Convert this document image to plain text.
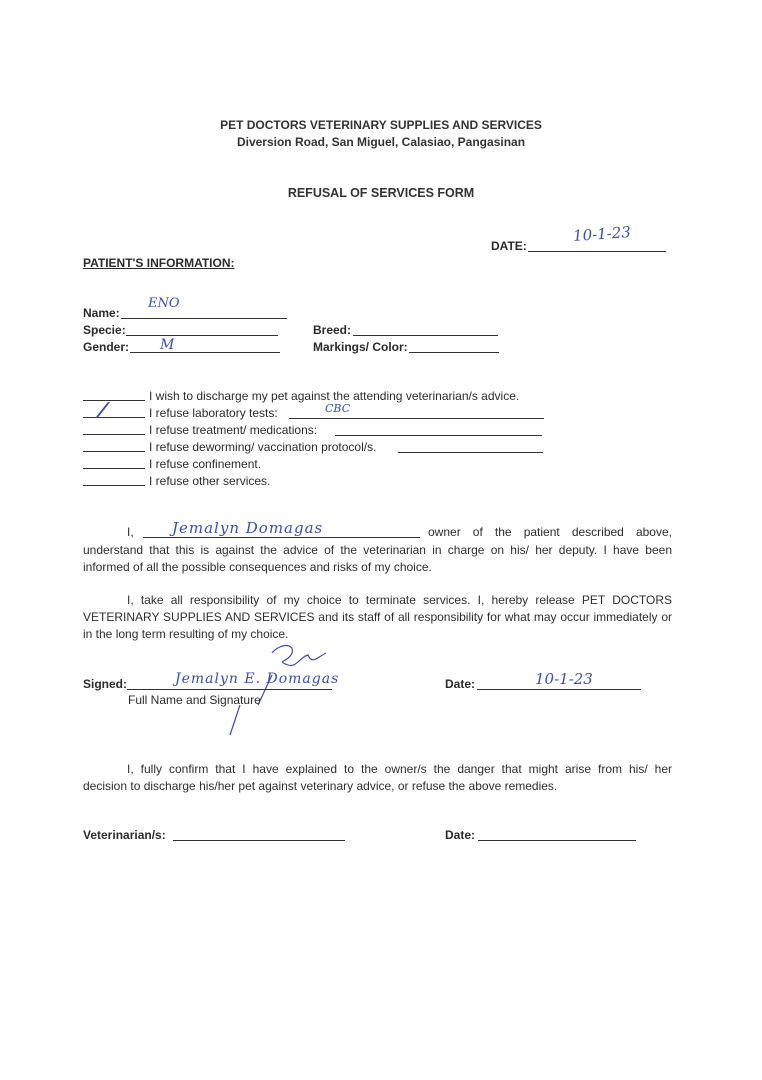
PET DOCTORS VETERINARY SUPPLIES AND SERVICES
Diversion Road, San Miguel, Calasiao, Pangasinan
REFUSAL OF SERVICES FORM
DATE:
10-1-23
PATIENT'S INFORMATION:
Name:
ENO
Specie:	Breed:
Gender: M	Markings/ Color:
I wish to discharge my pet against the attending veterinarian/s advice.
/	I refuse laboratory tests:	CBC
I refuse treatment/ medications:
I refuse deworming/ vaccination protocol/s.
I refuse confinement.
I refuse other services.
I,	Jemalyn Domagas	owner of the patient described above,
understand that this is against the advice of the veterinarian in charge on his/ her deputy. I have been
informed of all the possible consequences and risks of my choice.
I, take all responsibility of my choice to terminate services. I, hereby release PET DOCTORS
VETERINARY SUPPLIES AND SERVICES and its staff of all responsibility for what may occur immediately or
in the long term resulting of my choice.
Signed:	Jemalyn E. Domagas
Full Name and Signature
Date:	10-1-23
I, fully confirm that I have explained to the owner/s the danger that might arise from his/ her
decision to discharge his/her pet against veterinary advice, or refuse the above remedies.
Veterinarian/s:	Date:
